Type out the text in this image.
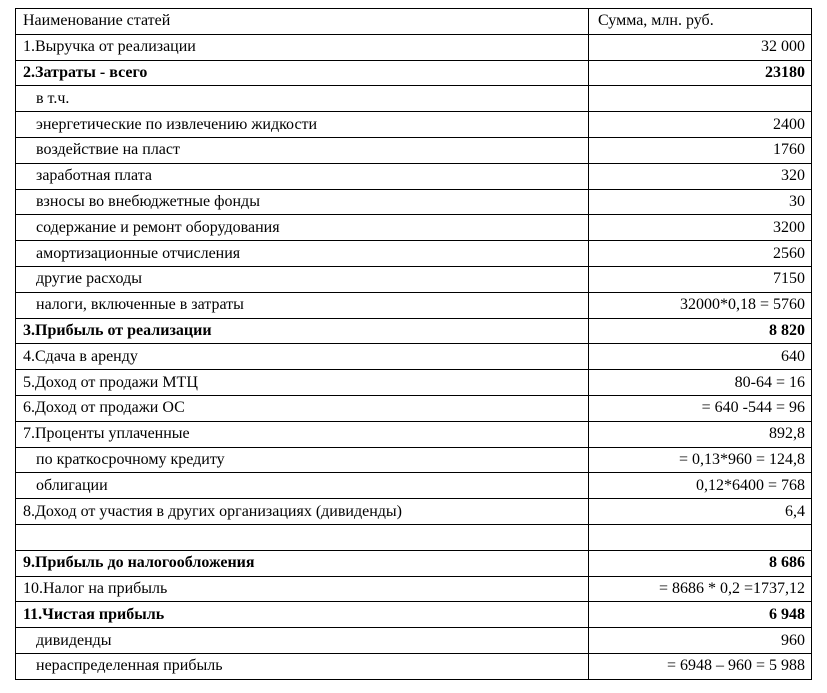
Наименование статей	Сумма, млн. руб.
1.Выручка от реализации	32 000
2.Затраты - всего	23180
в т.ч.	
энергетические по извлечению жидкости	2400
воздействие на пласт	1760
заработная плата	320
взносы во внебюджетные фонды	30
содержание и ремонт оборудования	3200
амортизационные отчисления	2560
другие расходы	7150
налоги, включенные в затраты	32000*0,18 = 5760
3.Прибыль от реализации	8 820
4.Сдача в аренду	640
5.Доход от продажи МТЦ	80-64 = 16
6.Доход от продажи ОС	= 640 -544 = 96
7.Проценты уплаченные	892,8
по краткосрочному кредиту	= 0,13*960 = 124,8
облигации	0,12*6400 = 768
8.Доход от участия в других организациях (дивиденды)	6,4

9.Прибыль до налогообложения	8 686
10.Налог на прибыль	= 8686 * 0,2 =1737,12
11.Чистая прибыль	6 948
дивиденды	960
нераспределенная прибыль	= 6948 – 960 = 5 988
